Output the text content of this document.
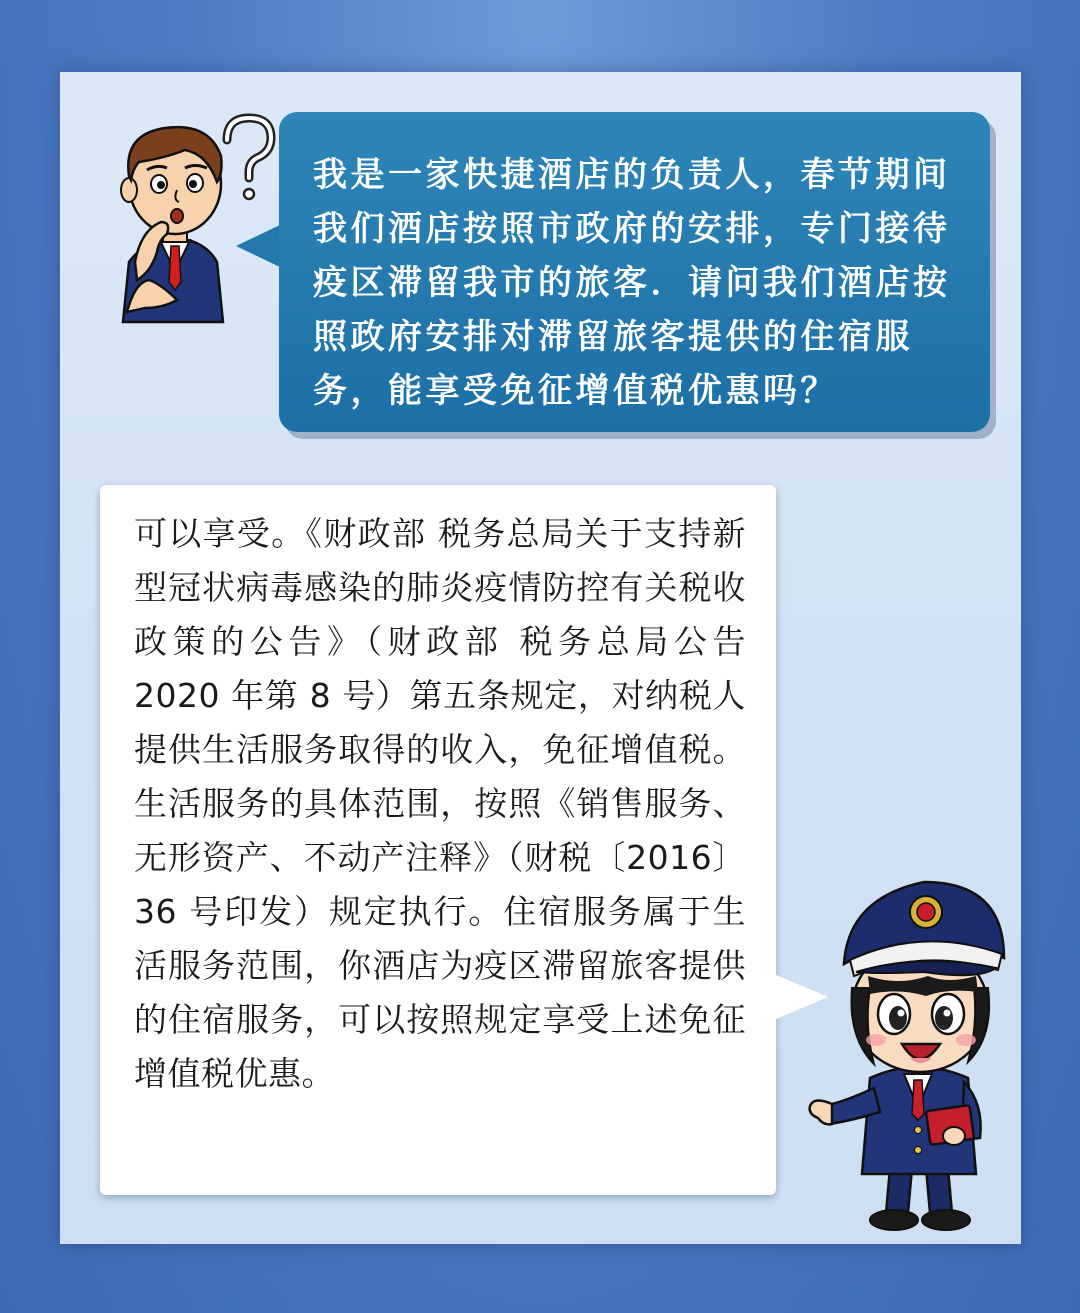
我是一家快捷酒店的负责人，春节期间我们酒店按照市政府的安排，专门接待疫区滞留我市的旅客．请问我们酒店按照政府安排对滞留旅客提供的住宿服务，能享受免征增值税优惠吗？

可以享受。《财政部 税务总局关于支持新型冠状病毒感染的肺炎疫情防控有关税收政策的公告》（财政部 税务总局公告 2020 年第 8 号）第五条规定，对纳税人提供生活服务取得的收入，免征增值税。生活服务的具体范围，按照《销售服务、无形资产、不动产注释》（财税〔2016〕36 号印发）规定执行。住宿服务属于生活服务范围，你酒店为疫区滞留旅客提供的住宿服务，可以按照规定享受上述免征增值税优惠。
